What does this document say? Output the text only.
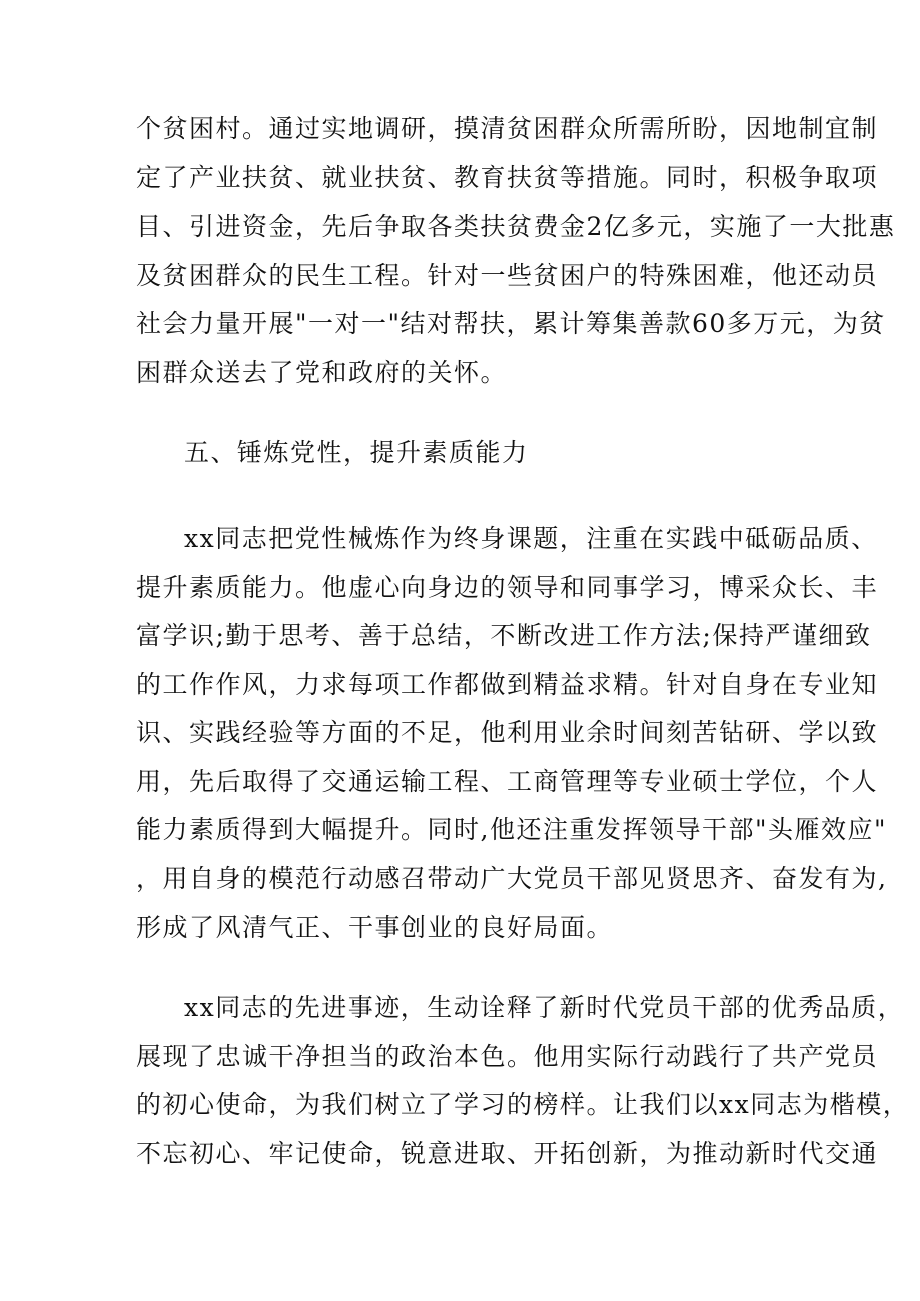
个贫困村。通过实地调研，摸清贫困群众所需所盼，因地制宜制
定了产业扶贫、就业扶贫、教育扶贫等措施。同时，积极争取项
目、引进资金，先后争取各类扶贫费金2亿多元，实施了一大批惠
及贫困群众的民生工程。针对一些贫困户的特殊困难，他还动员
社会力量开展"一对一"结对帮扶，累计筹集善款60多万元，为贫
困群众送去了党和政府的关怀。
五、锤炼党性，提升素质能力
xx同志把党性械炼作为终身课题，注重在实践中砥砺品质、
提升素质能力。他虚心向身边的领导和同事学习，博采众长、丰
富学识;勤于思考、善于总结，不断改进工作方法;保持严谨细致
的工作作风，力求每项工作都做到精益求精。针对自身在专业知
识、实践经验等方面的不足，他利用业余时间刻苦钻研、学以致
用，先后取得了交通运输工程、工商管理等专业硕士学位，个人
能力素质得到大幅提升。同时,他还注重发挥领导干部"头雁效应"
，用自身的模范行动感召带动广大党员干部见贤思齐、奋发有为,
形成了风清气正、干事创业的良好局面。
xx同志的先进事迹，生动诠释了新时代党员干部的优秀品质，
展现了忠诚干净担当的政治本色。他用实际行动践行了共产党员
的初心使命，为我们树立了学习的榜样。让我们以xx同志为楷模，
不忘初心、牢记使命，锐意进取、开拓创新，为推动新时代交通
